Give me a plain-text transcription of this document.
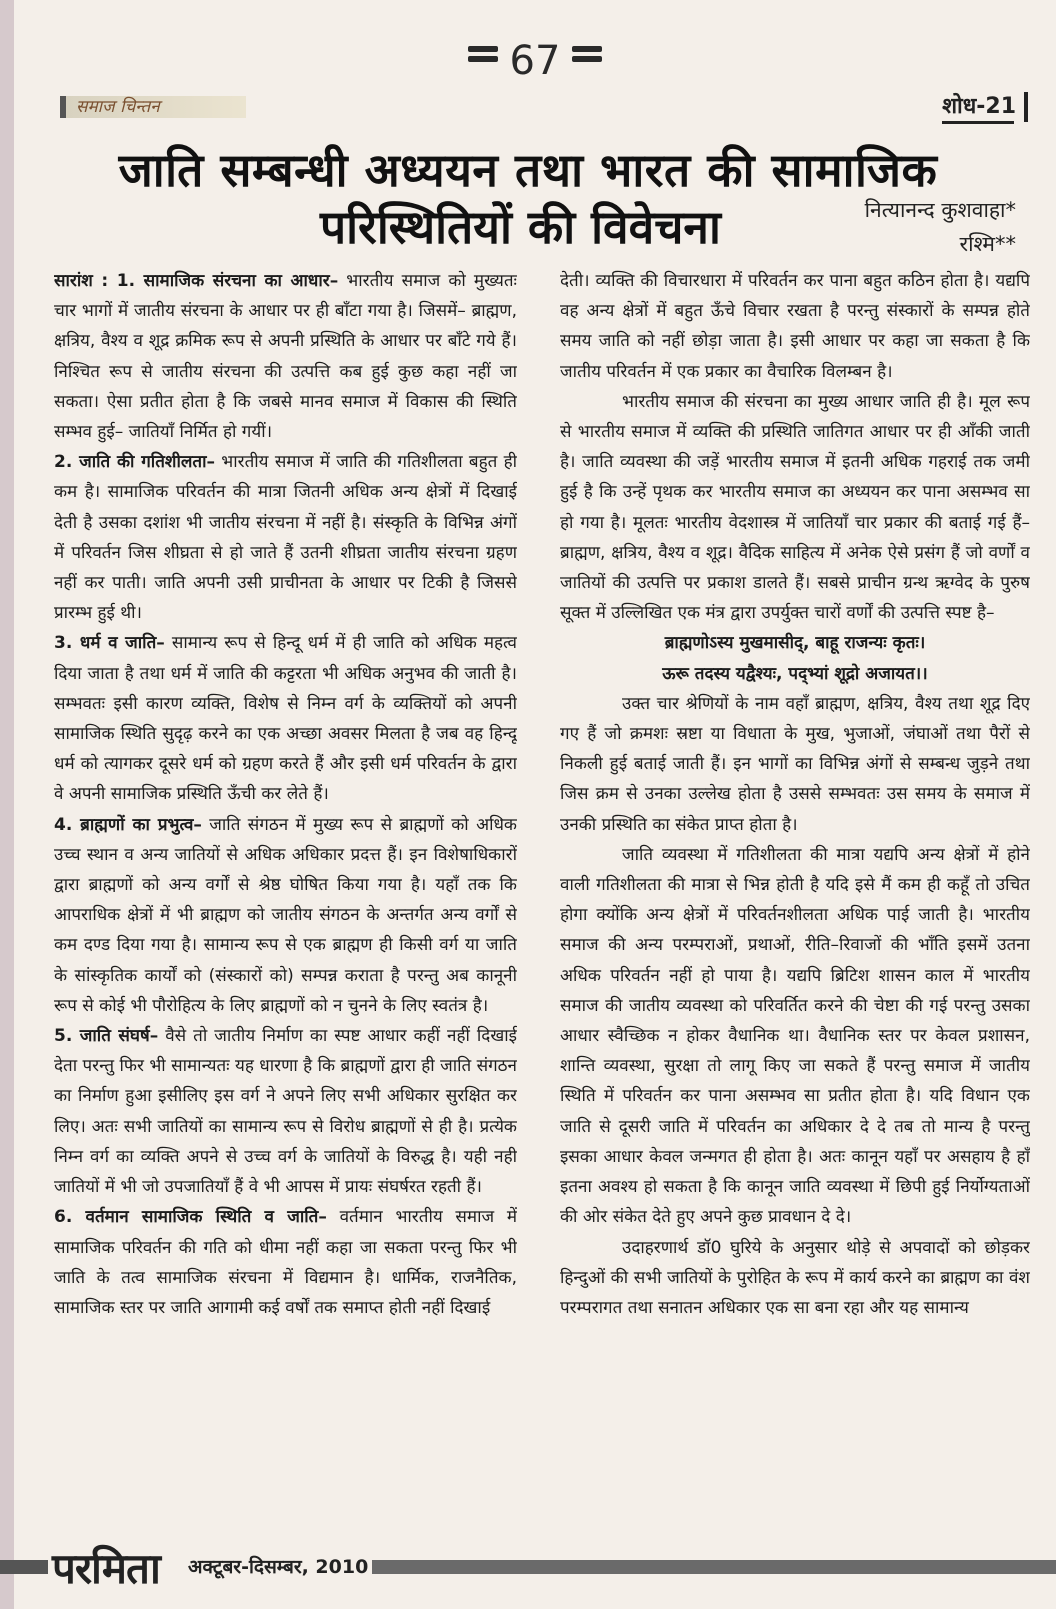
67
समाज चिन्तन	शोध-21
जाति सम्बन्धी अध्ययन तथा भारत की सामाजिक
परिस्थितियों की विवेचना	नित्यानन्द कुशवाहा*
रश्मि**

सारांश : 1. सामाजिक संरचना का आधार– भारतीय समाज को मुख्यतः चार भागों में जातीय संरचना के आधार पर ही बाँटा गया है। जिसमें– ब्राह्मण, क्षत्रिय, वैश्य व शूद्र क्रमिक रूप से अपनी प्रस्थिति के आधार पर बाँटे गये हैं। निश्चित रूप से जातीय संरचना की उत्पत्ति कब हुई कुछ कहा नहीं जा सकता। ऐसा प्रतीत होता है कि जबसे मानव समाज में विकास की स्थिति सम्भव हुई– जातियाँ निर्मित हो गयीं।

2. जाति की गतिशीलता– भारतीय समाज में जाति की गतिशीलता बहुत ही कम है। सामाजिक परिवर्तन की मात्रा जितनी अधिक अन्य क्षेत्रों में दिखाई देती है उसका दशांश भी जातीय संरचना में नहीं है। संस्कृति के विभिन्न अंगों में परिवर्तन जिस शीघ्रता से हो जाते हैं उतनी शीघ्रता जातीय संरचना ग्रहण नहीं कर पाती। जाति अपनी उसी प्राचीनता के आधार पर टिकी है जिससे प्रारम्भ हुई थी।

3. धर्म व जाति– सामान्य रूप से हिन्दू धर्म में ही जाति को अधिक महत्व दिया जाता है तथा धर्म में जाति की कट्टरता भी अधिक अनुभव की जाती है। सम्भवतः इसी कारण व्यक्ति, विशेष से निम्न वर्ग के व्यक्तियों को अपनी सामाजिक स्थिति सुदृढ़ करने का एक अच्छा अवसर मिलता है जब वह हिन्दू धर्म को त्यागकर दूसरे धर्म को ग्रहण करते हैं और इसी धर्म परिवर्तन के द्वारा वे अपनी सामाजिक प्रस्थिति ऊँची कर लेते हैं।

4. ब्राह्मणों का प्रभुत्व– जाति संगठन में मुख्य रूप से ब्राह्मणों को अधिक उच्च स्थान व अन्य जातियों से अधिक अधिकार प्रदत्त हैं। इन विशेषाधिकारों द्वारा ब्राह्मणों को अन्य वर्गों से श्रेष्ठ घोषित किया गया है। यहाँ तक कि आपराधिक क्षेत्रों में भी ब्राह्मण को जातीय संगठन के अन्तर्गत अन्य वर्गों से कम दण्ड दिया गया है। सामान्य रूप से एक ब्राह्मण ही किसी वर्ग या जाति के सांस्कृतिक कार्यों को (संस्कारों को) सम्पन्न कराता है परन्तु अब कानूनी रूप से कोई भी पौरोहित्य के लिए ब्राह्मणों को न चुनने के लिए स्वतंत्र है।

5. जाति संघर्ष– वैसे तो जातीय निर्माण का स्पष्ट आधार कहीं नहीं दिखाई देता परन्तु फिर भी सामान्यतः यह धारणा है कि ब्राह्मणों द्वारा ही जाति संगठन का निर्माण हुआ इसीलिए इस वर्ग ने अपने लिए सभी अधिकार सुरक्षित कर लिए। अतः सभी जातियों का सामान्य रूप से विरोध ब्राह्मणों से ही है। प्रत्येक निम्न वर्ग का व्यक्ति अपने से उच्च वर्ग के जातियों के विरुद्ध है। यही नही जातियों में भी जो उपजातियाँ हैं वे भी आपस में प्रायः संघर्षरत रहती हैं।

6. वर्तमान सामाजिक स्थिति व जाति– वर्तमान भारतीय समाज में सामाजिक परिवर्तन की गति को धीमा नहीं कहा जा सकता परन्तु फिर भी जाति के तत्व सामाजिक संरचना में विद्यमान है। धार्मिक, राजनैतिक, सामाजिक स्तर पर जाति आगामी कई वर्षों तक समाप्त होती नहीं दिखाई

देती। व्यक्ति की विचारधारा में परिवर्तन कर पाना बहुत कठिन होता है। यद्यपि वह अन्य क्षेत्रों में बहुत ऊँचे विचार रखता है परन्तु संस्कारों के सम्पन्न होते समय जाति को नहीं छोड़ा जाता है। इसी आधार पर कहा जा सकता है कि जातीय परिवर्तन में एक प्रकार का वैचारिक विलम्बन है।

भारतीय समाज की संरचना का मुख्य आधार जाति ही है। मूल रूप से भारतीय समाज में व्यक्ति की प्रस्थिति जातिगत आधार पर ही आँकी जाती है। जाति व्यवस्था की जड़ें भारतीय समाज में इतनी अधिक गहराई तक जमी हुई है कि उन्हें पृथक कर भारतीय समाज का अध्ययन कर पाना असम्भव सा हो गया है। मूलतः भारतीय वेदशास्त्र में जातियाँ चार प्रकार की बताई गई हैं– ब्राह्मण, क्षत्रिय, वैश्य व शूद्र। वैदिक साहित्य में अनेक ऐसे प्रसंग हैं जो वर्णों व जातियों की उत्पत्ति पर प्रकाश डालते हैं। सबसे प्राचीन ग्रन्थ ऋग्वेद के पुरुष सूक्त में उल्लिखित एक मंत्र द्वारा उपर्युक्त चारों वर्णों की उत्पत्ति स्पष्ट है–

ब्राह्मणोऽस्य मुखमासीद्, बाहू राजन्यः कृतः।

ऊरू तदस्य यद्वैश्यः, पद्भ्यां शूद्रो अजायत।।

उक्त चार श्रेणियों के नाम वहाँ ब्राह्मण, क्षत्रिय, वैश्य तथा शूद्र दिए गए हैं जो क्रमशः स्रष्टा या विधाता के मुख, भुजाओं, जंघाओं तथा पैरों से निकली हुई बताई जाती हैं। इन भागों का विभिन्न अंगों से सम्बन्ध जुड़ने तथा जिस क्रम से उनका उल्लेख होता है उससे सम्भवतः उस समय के समाज में उनकी प्रस्थिति का संकेत प्राप्त होता है।

जाति व्यवस्था में गतिशीलता की मात्रा यद्यपि अन्य क्षेत्रों में होने वाली गतिशीलता की मात्रा से भिन्न होती है यदि इसे मैं कम ही कहूँ तो उचित होगा क्योंकि अन्य क्षेत्रों में परिवर्तनशीलता अधिक पाई जाती है। भारतीय समाज की अन्य परम्पराओं, प्रथाओं, रीति–रिवाजों की भाँति इसमें उतना अधिक परिवर्तन नहीं हो पाया है। यद्यपि ब्रिटिश शासन काल में भारतीय समाज की जातीय व्यवस्था को परिवर्तित करने की चेष्टा की गई परन्तु उसका आधार स्वैच्छिक न होकर वैधानिक था। वैधानिक स्तर पर केवल प्रशासन, शान्ति व्यवस्था, सुरक्षा तो लागू किए जा सकते हैं परन्तु समाज में जातीय स्थिति में परिवर्तन कर पाना असम्भव सा प्रतीत होता है। यदि विधान एक जाति से दूसरी जाति में परिवर्तन का अधिकार दे दे तब तो मान्य है परन्तु इसका आधार केवल जन्मगत ही होता है। अतः कानून यहाँ पर असहाय है हाँ इतना अवश्य हो सकता है कि कानून जाति व्यवस्था में छिपी हुई निर्योग्यताओं की ओर संकेत देते हुए अपने कुछ प्रावधान दे दे।

उदाहरणार्थ डॉ0 घुरिये के अनुसार थोड़े से अपवादों को छोड़कर हिन्दुओं की सभी जातियों के पुरोहित के रूप में कार्य करने का ब्राह्मण का वंश परम्परागत तथा सनातन अधिकार एक सा बना रहा और यह सामान्य

परमिता अक्टूबर-दिसम्बर, 2010
